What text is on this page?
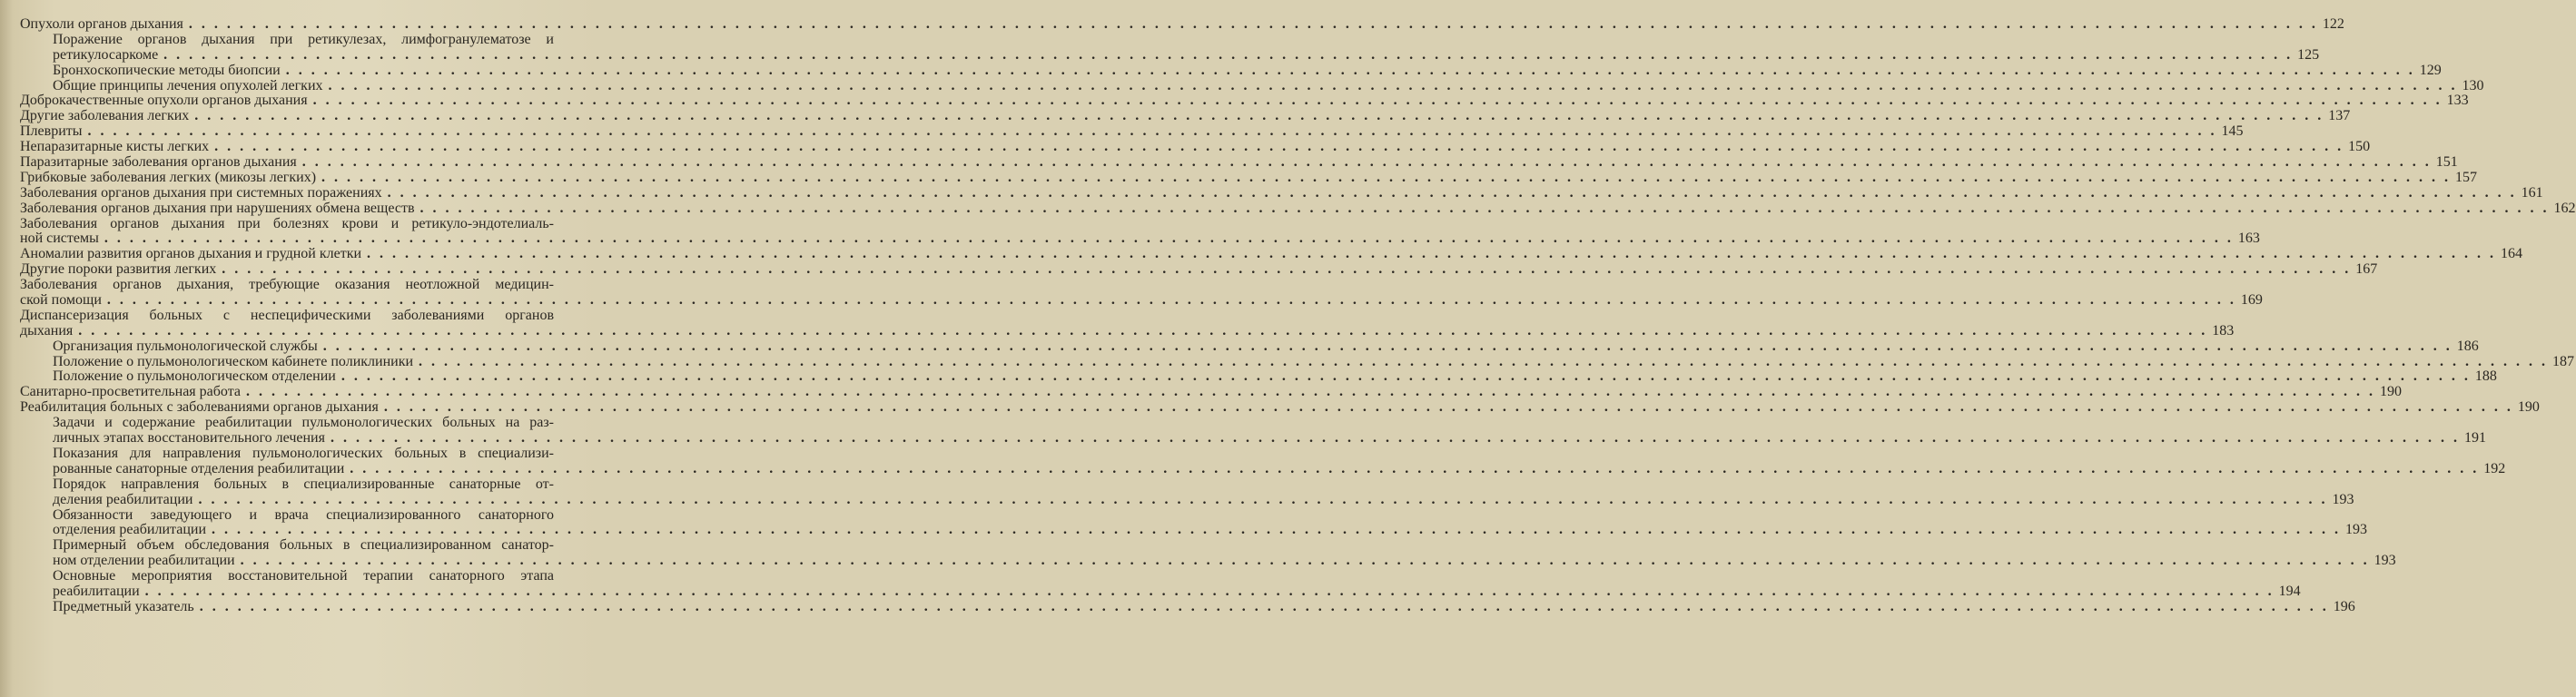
Опухоли органов дыхания . . .	122
Поражение органов дыхания при ретикулезах, лимфогранулематозе и
ретикулосаркоме . . .	125
Бронхоскопические методы биопсии . . .	129
Общие принципы лечения опухолей легких . . .	130
Доброкачественные опухоли органов дыхания . . .	133
Другие заболевания легких . . .	137
Плевриты . . .	145
Непаразитарные кисты легких . . .	150
Паразитарные заболевания органов дыхания . . .	151
Грибковые заболевания легких (микозы легких) . . .	157
Заболевания органов дыхания при системных поражениях . . .	161
Заболевания органов дыхания при нарушениях обмена веществ . . .	162
Заболевания органов дыхания при болезнях крови и ретикуло-эндотелиаль-
ной системы . . .	163
Аномалии развития органов дыхания и грудной клетки . . .	164
Другие пороки развития легких . . .	167
Заболевания органов дыхания, требующие оказания неотложной медицин-
ской помощи . . .	169
Диспансеризация больных с неспецифическими заболеваниями органов
дыхания . . .	183
Организация пульмонологической службы . . .	186
Положение о пульмонологическом кабинете поликлиники . . .	187
Положение о пульмонологическом отделении . . .	188
Санитарно-просветительная работа . . .	190
Реабилитация больных с заболеваниями органов дыхания . . .	190
Задачи и содержание реабилитации пульмонологических больных на раз-
личных этапах восстановительного лечения . . .	191
Показания для направления пульмонологических больных в специализи-
рованные санаторные отделения реабилитации . . .	192
Порядок направления больных в специализированные санаторные от-
деления реабилитации . . .	193
Обязанности заведующего и врача специализированного санаторного
отделения реабилитации . . .	193
Примерный объем обследования больных в специализированном санатор-
ном отделении реабилитации . . .	193
Основные мероприятия восстановительной терапии санаторного этапа
реабилитации . . .	194
Предметный указатель . . .	196
